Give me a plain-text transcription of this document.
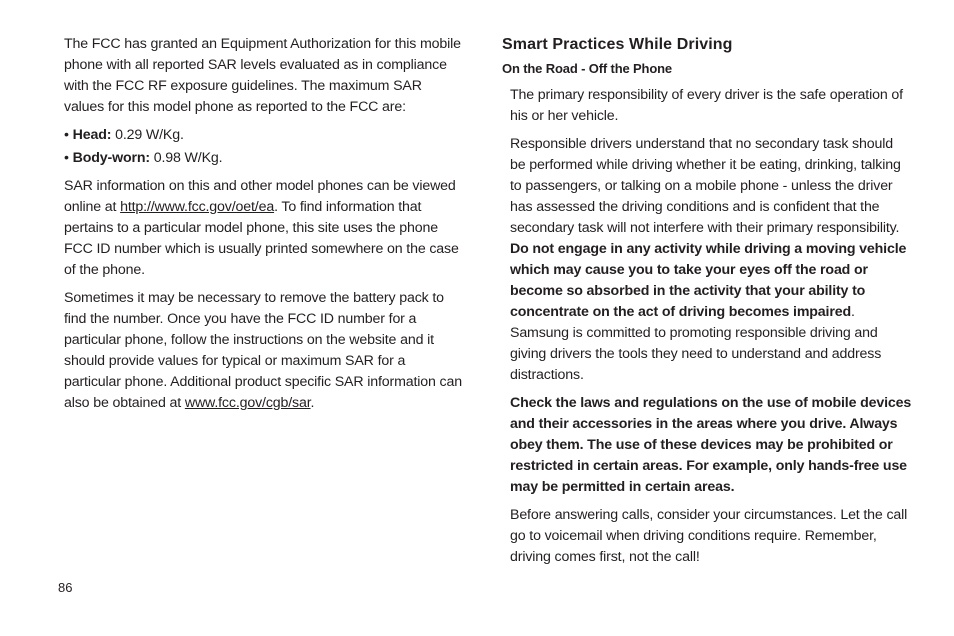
The FCC has granted an Equipment Authorization for this mobile phone with all reported SAR levels evaluated as in compliance with the FCC RF exposure guidelines. The maximum SAR values for this model phone as reported to the FCC are:

• Head: 0.29 W/Kg.
• Body-worn: 0.98 W/Kg.

SAR information on this and other model phones can be viewed online at http://www.fcc.gov/oet/ea. To find information that pertains to a particular model phone, this site uses the phone FCC ID number which is usually printed somewhere on the case of the phone.

Sometimes it may be necessary to remove the battery pack to find the number. Once you have the FCC ID number for a particular phone, follow the instructions on the website and it should provide values for typical or maximum SAR for a particular phone. Additional product specific SAR information can also be obtained at www.fcc.gov/cgb/sar.

Smart Practices While Driving
On the Road - Off the Phone

The primary responsibility of every driver is the safe operation of his or her vehicle.

Responsible drivers understand that no secondary task should be performed while driving whether it be eating, drinking, talking to passengers, or talking on a mobile phone - unless the driver has assessed the driving conditions and is confident that the secondary task will not interfere with their primary responsibility. Do not engage in any activity while driving a moving vehicle which may cause you to take your eyes off the road or become so absorbed in the activity that your ability to concentrate on the act of driving becomes impaired. Samsung is committed to promoting responsible driving and giving drivers the tools they need to understand and address distractions.

Check the laws and regulations on the use of mobile devices and their accessories in the areas where you drive. Always obey them. The use of these devices may be prohibited or restricted in certain areas. For example, only hands-free use may be permitted in certain areas.

Before answering calls, consider your circumstances. Let the call go to voicemail when driving conditions require. Remember, driving comes first, not the call!

86
